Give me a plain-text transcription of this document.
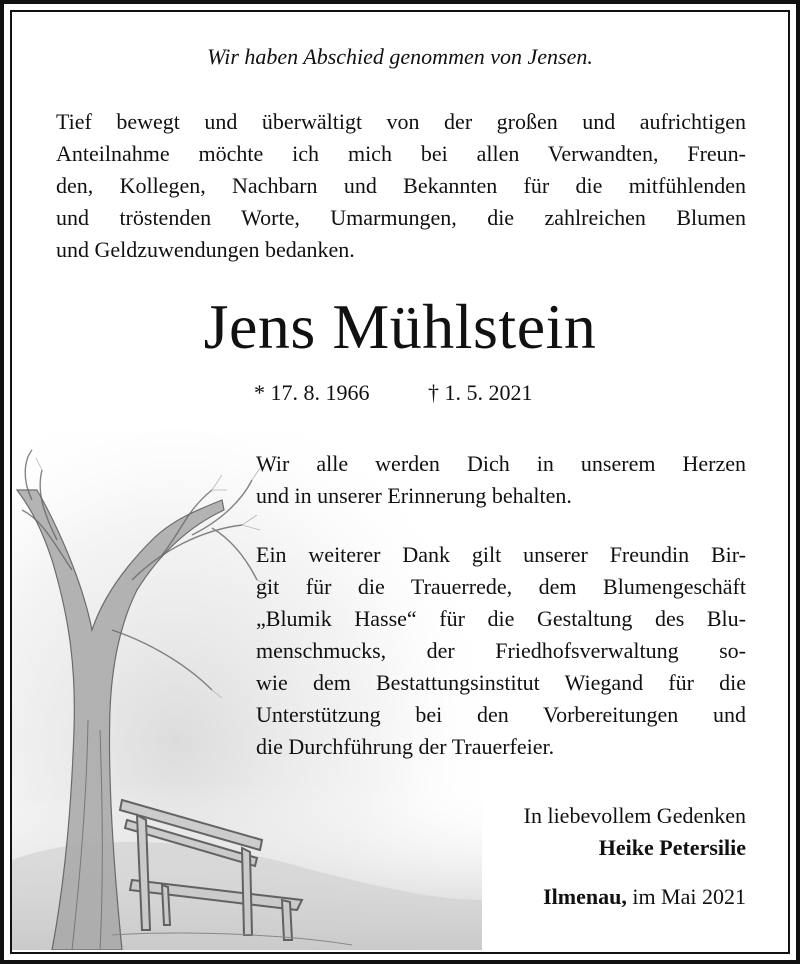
Wir haben Abschied genommen von Jensen.
Tief bewegt und überwältigt von der großen und aufrichtigen
Anteilnahme möchte ich mich bei allen Verwandten, Freun-
den, Kollegen, Nachbarn und Bekannten für die mitfühlenden
und tröstenden Worte, Umarmungen, die zahlreichen Blumen
und Geldzuwendungen bedanken.
Jens Mühlstein
* 17. 8. 1966	† 1. 5. 2021
Wir alle werden Dich in unserem Herzen
und in unserer Erinnerung behalten.
Ein weiterer Dank gilt unserer Freundin Bir-
git für die Trauerrede, dem Blumengeschäft
„Blumik Hasse“ für die Gestaltung des Blu-
menschmucks, der Friedhofsverwaltung so-
wie dem Bestattungsinstitut Wiegand für die
Unterstützung bei den Vorbereitungen und
die Durchführung der Trauerfeier.
In liebevollem Gedenken
Heike Petersilie
Ilmenau, im Mai 2021
